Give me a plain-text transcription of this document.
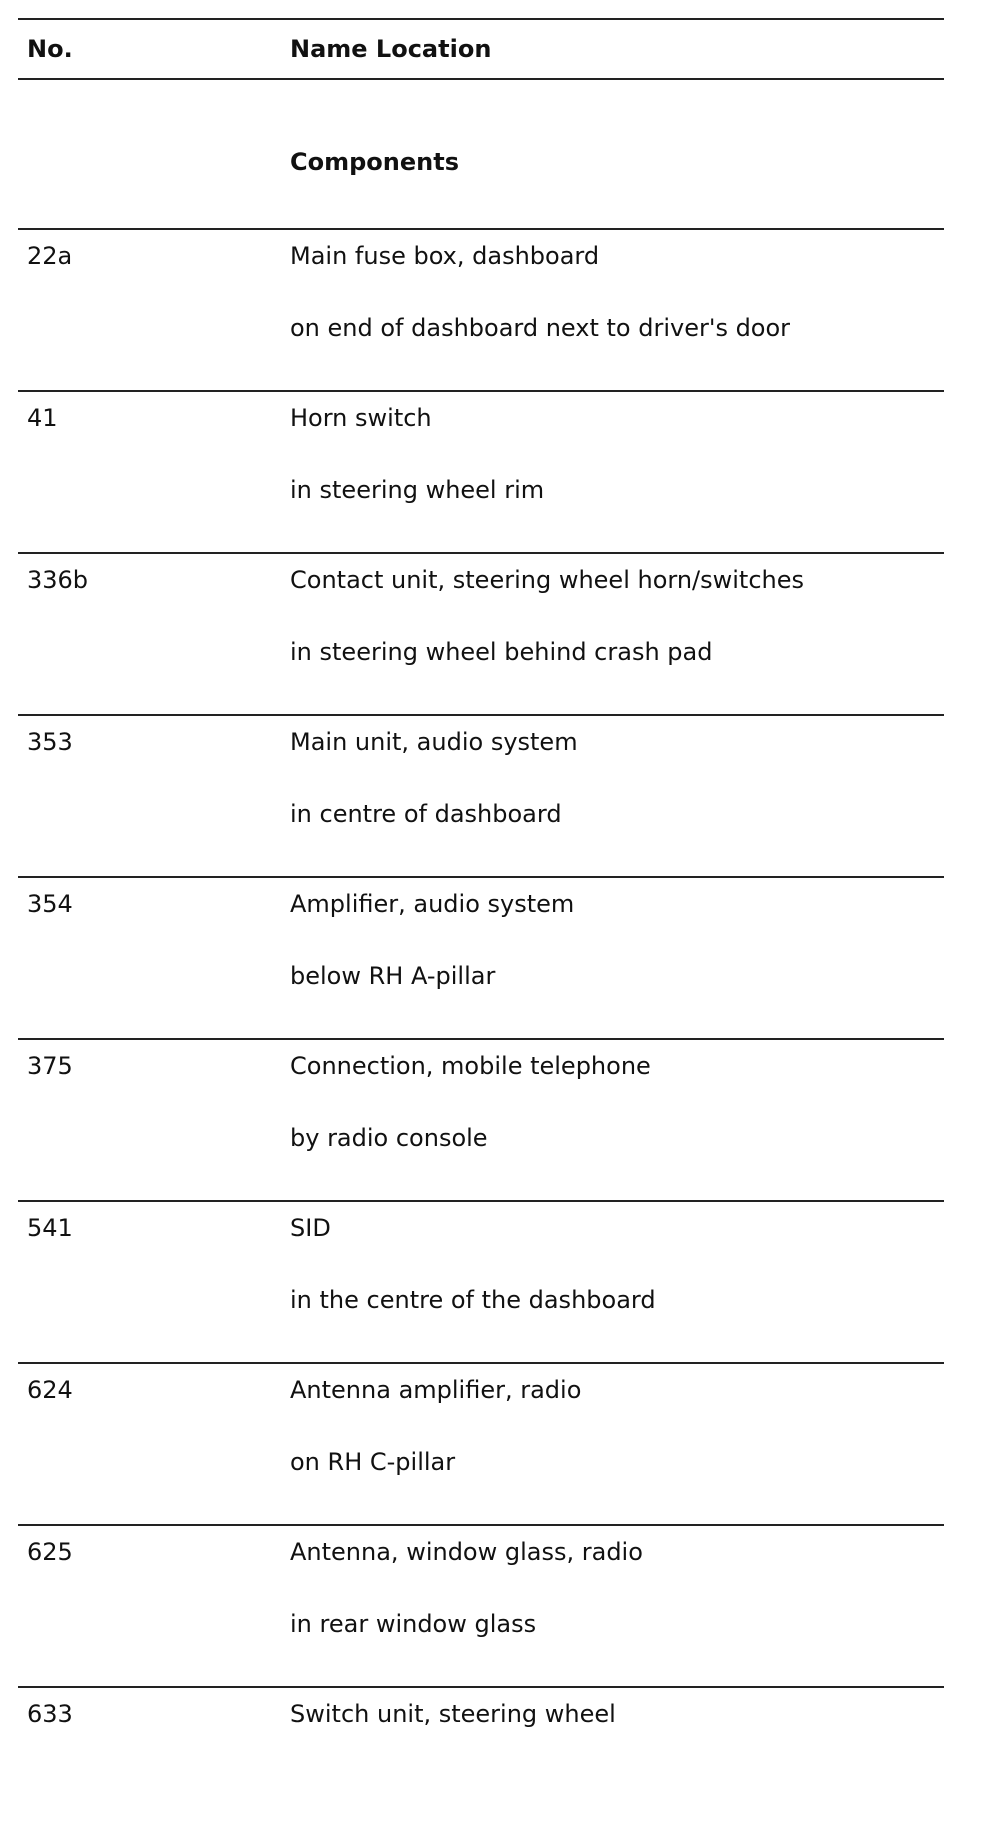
No.	Name Location
Components
22a	Main fuse box, dashboard
on end of dashboard next to driver's door
41	Horn switch
in steering wheel rim
336b	Contact unit, steering wheel horn/switches
in steering wheel behind crash pad
353	Main unit, audio system
in centre of dashboard
354	Amplifier, audio system
below RH A-pillar
375	Connection, mobile telephone
by radio console
541	SID
in the centre of the dashboard
624	Antenna amplifier, radio
on RH C-pillar
625	Antenna, window glass, radio
in rear window glass
633	Switch unit, steering wheel
